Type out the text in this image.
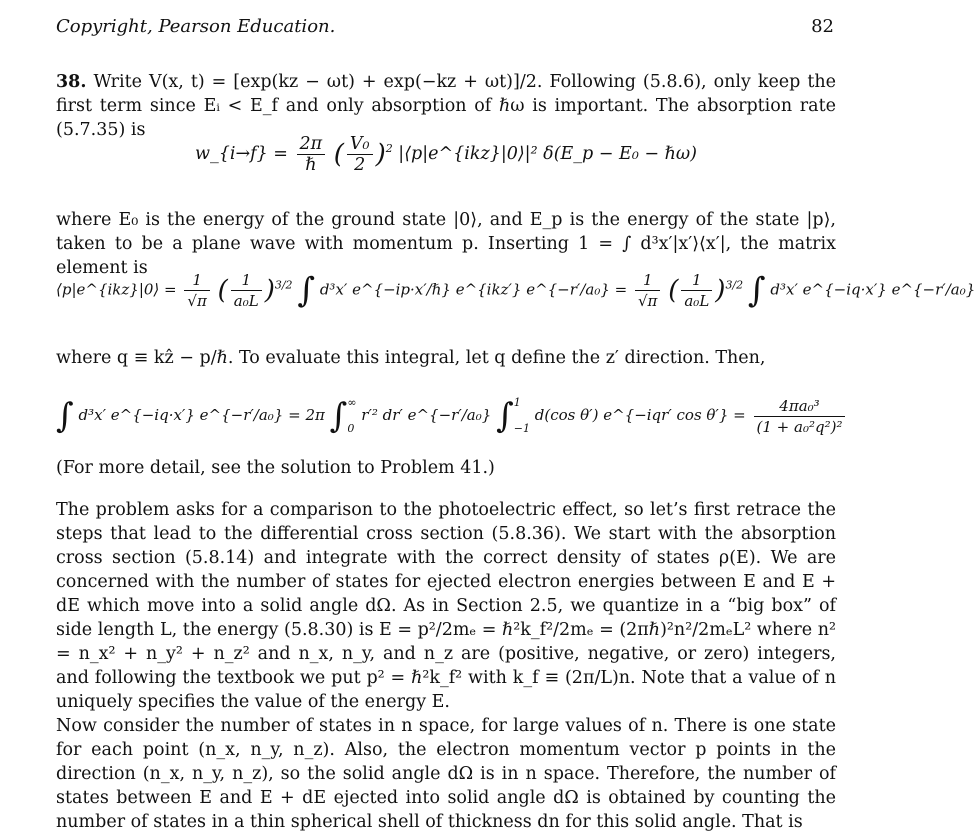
Copyright, Pearson Education.	82
38. Write V(x, t) = [exp(kz − ωt) + exp(−kz + ωt)]/2. Following (5.8.6), only keep the first term since Eᵢ < E_f and only absorption of ℏω is important. The absorption rate (5.7.35) is
w_{i→f} = $\frac{2\pi}{\text{ℏ}}$ ( $\frac{\text{V₀}}{2} )^2$ |⟨p|e^{ikz}|0⟩|² δ(E_p − E₀ − ℏω)
where E₀ is the energy of the ground state |0⟩, and E_p is the energy of the state |p⟩, taken to be a plane wave with momentum p. Inserting 1 = ∫ d³x′|x′⟩⟨x′|, the matrix element is
⟨p|e^{ikz}|0⟩ = $\frac{1}{√\pi}$ ( $\frac{1}{\text{a₀L}} )^{3/2}$ ∫ d³x′ e^{−ip·x′/ℏ} e^{ikz′} e^{−r′/a₀} = $\frac{1}{√\pi}$ ( $\frac{1}{\text{a₀L}} )^{3/2}$ ∫ d³x′ e^{−iq·x′} e^{−r′/a₀}
where q ≡ kẑ − p/ℏ. To evaluate this integral, let q define the z′ direction. Then,
∫ d³x′ e^{−iq·x′} e^{−r′/a₀} = 2π ∫ ∞
0
r′² dr′ e^{−r′/a₀} ∫ 1
−1
d(cos θ′) e^{−iqr′ $\cos \theta'\} = \frac{\text{4πa₀³}}{\text{(1 + a₀²q²)²}}$
(For more detail, see the solution to Problem 41.)
The problem asks for a comparison to the photoelectric effect, so let’s first retrace the steps that lead to the differential cross section (5.8.36). We start with the absorption cross section (5.8.14) and integrate with the correct density of states ρ(E). We are concerned with the number of states for ejected electron energies between E and E + dE which move into a solid angle dΩ. As in Section 2.5, we quantize in a “big box” of side length L, the energy (5.8.30) is E = p²/2mₑ = ℏ²k_f²/2mₑ = (2πℏ)²n²/2mₑL² where n² = n_x² + n_y² + n_z² and n_x, n_y, and n_z are (positive, negative, or zero) integers, and following the textbook we put p² = ℏ²k_f² with k_f ≡ (2π/L)n. Note that a value of n uniquely specifies the value of the energy E.
Now consider the number of states in n space, for large values of n. There is one state for each point (n_x, n_y, n_z). Also, the electron momentum vector p points in the direction (n_x, n_y, n_z), so the solid angle dΩ is in n space. Therefore, the number of states between E and E + dE ejected into solid angle dΩ is obtained by counting the number of states in a thin spherical shell of thickness dn for this solid angle. That is
